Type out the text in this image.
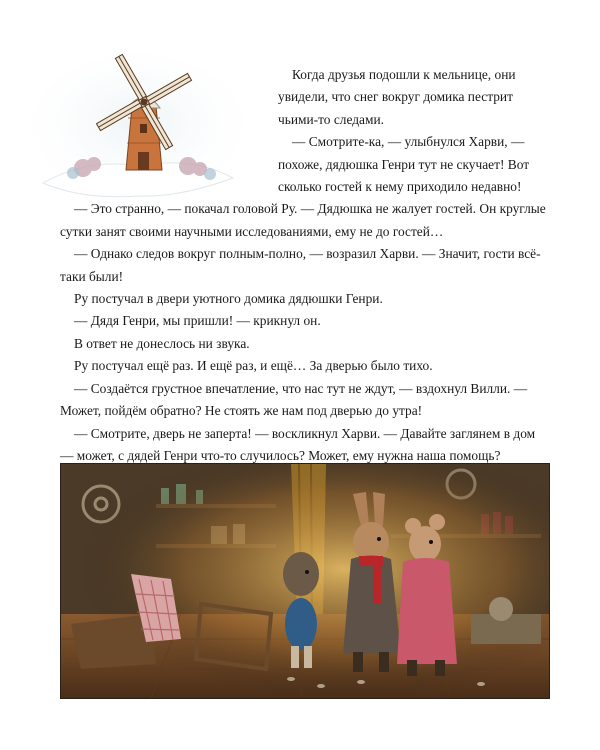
Когда друзья подошли к мельнице, они увидели, что снег вокруг домика пестрит чьими-то следами.

— Смотрите-ка, — улыбнулся Харви, — похоже, дядюшка Генри тут не скучает! Вот сколько гостей к нему приходило недавно!

— Это странно, — покачал головой Ру. — Дядюшка не жалует гостей. Он круглые сутки занят своими научными исследованиями, ему не до гостей…

— Однако следов вокруг полным-полно, — возразил Харви. — Значит, гости всё-таки были!

Ру постучал в двери уютного домика дядюшки Генри.

— Дядя Генри, мы пришли! — крикнул он.

В ответ не донеслось ни звука.

Ру постучал ещё раз. И ещё раз, и ещё… За дверью было тихо.

— Создаётся грустное впечатление, что нас тут не ждут, — вздохнул Вилли. — Может, пойдём обратно? Не стоять же нам под дверью до утра!

— Смотрите, дверь не заперта! — воскликнул Харви. — Давайте заглянем в дом — может, с дядей Генри что-то случилось? Может, ему нужна наша помощь?
